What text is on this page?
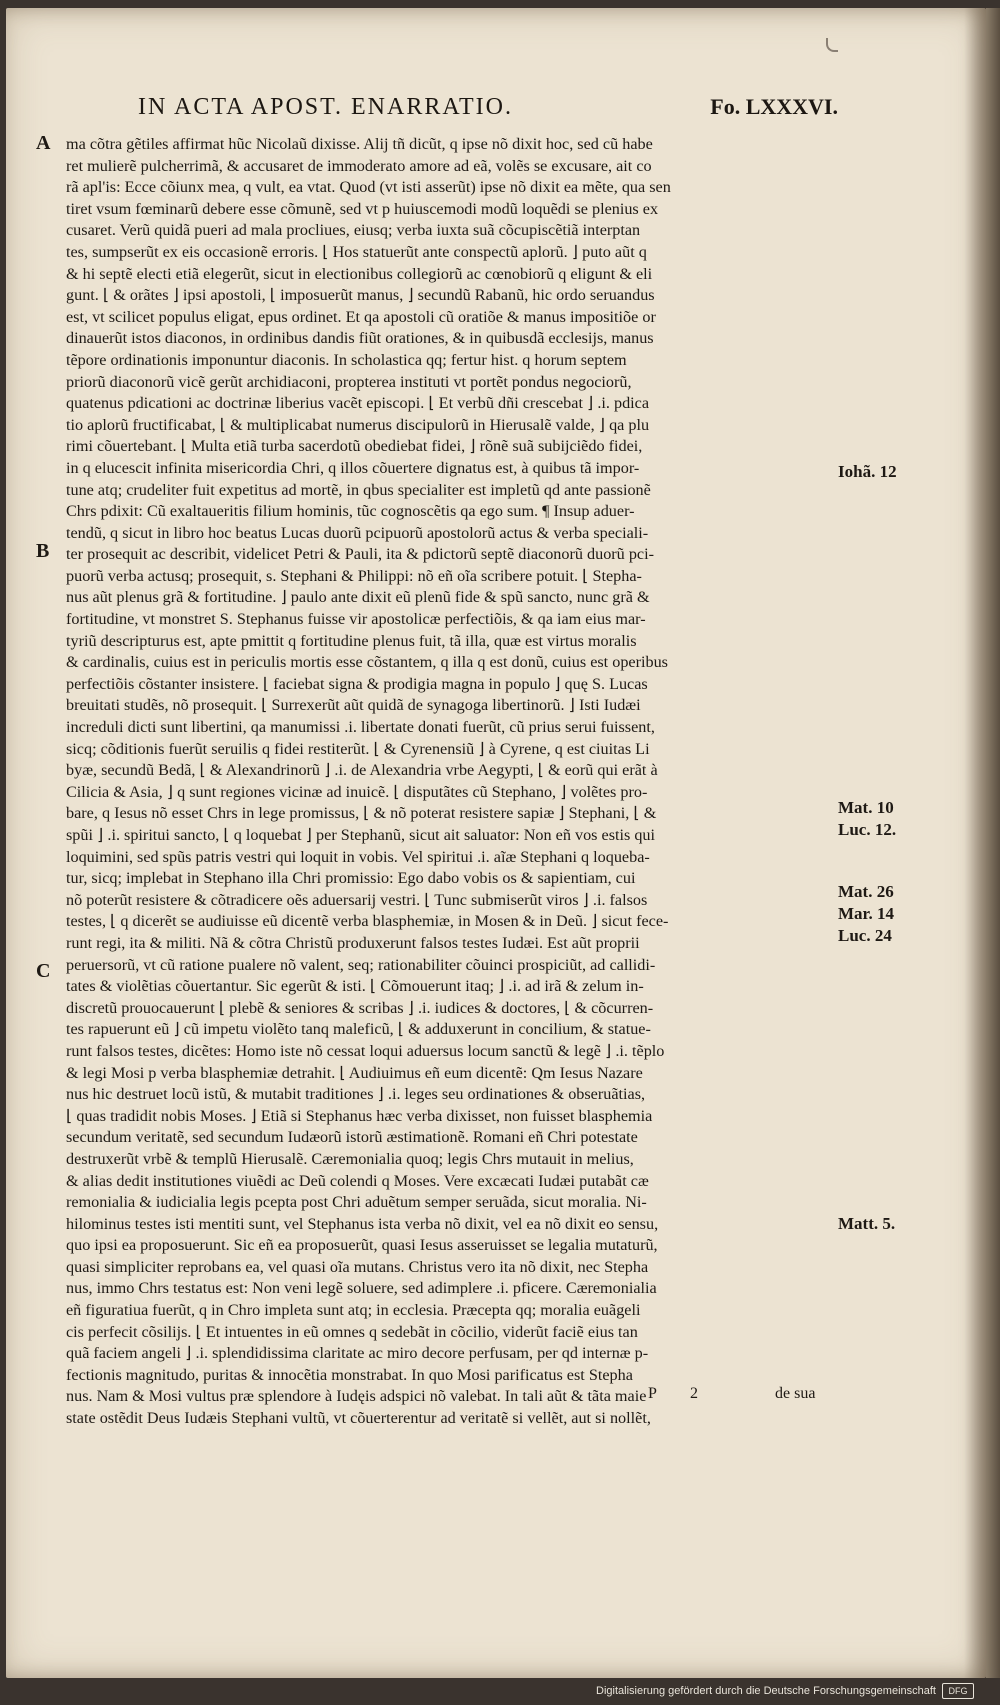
IN ACTA APOST. ENARRATIO.	Fo. LXXXVI.
A
B
C
Iohã. 12
Mat. 10
Luc. 12.
Mat. 26
Mar. 14
Luc. 24
Matt. 5.
ma cõtra gẽtiles affirmat hũc Nicolaũ dixisse. Alij tñ dicũt, q ipse nõ dixit hoc, sed cũ habe
ret mulierẽ pulcherrimã, & accusaret de immoderato amore ad eã, volẽs se excusare, ait co
rã apl'is: Ecce cõiunx mea, q vult, ea vtat. Quod (vt isti asserũt) ipse nõ dixit ea mẽte, qua sen
tiret vsum fœminarũ debere esse cõmunẽ, sed vt p huiuscemodi modũ loquẽdi se plenius ex
cusaret. Verũ quidã pueri ad mala procliues, eiusq; verba iuxta suã cõcupiscẽtiã interptan
tes, sumpserũt ex eis occasionẽ erroris. ⌊ Hos statuerũt ante conspectũ aplorũ. ⌋ puto aũt q
& hi septẽ electi etiã elegerũt, sicut in electionibus collegiorũ ac cœnobiorũ q eligunt & eli
gunt. ⌊ & orãtes ⌋ ipsi apostoli, ⌊ imposuerũt manus, ⌋ secundũ Rabanũ, hic ordo seruandus
est, vt scilicet populus eligat, epus ordinet. Et qa apostoli cũ oratiõe & manus impositiõe or
dinauerũt istos diaconos, in ordinibus dandis fiũt orationes, & in quibusdã ecclesijs, manus
tẽpore ordinationis imponuntur diaconis. In scholastica qq; fertur hist. q horum septem
priorũ diaconorũ vicẽ gerũt archidiaconi, propterea instituti vt portẽt pondus negociorũ,
quatenus pdicationi ac doctrinæ liberius vacẽt episcopi. ⌊ Et verbũ dñi crescebat ⌋ .i. pdica
tio aplorũ fructificabat, ⌊ & multiplicabat numerus discipulorũ in Hierusalẽ valde, ⌋ qa plu
rimi cõuertebant. ⌊ Multa etiã turba sacerdotũ obediebat fidei, ⌋ rõnẽ suã subijciẽdo fidei,
in q elucescit infinita misericordia Chri, q illos cõuertere dignatus est, à quibus tã impor-
tune atq; crudeliter fuit expetitus ad mortẽ, in qbus specialiter est impletũ qd ante passionẽ
Chrs pdixit: Cũ exaltaueritis filium hominis, tũc cognoscẽtis qa ego sum. ¶ Insup aduer-
tendũ, q sicut in libro hoc beatus Lucas duorũ pcipuorũ apostolorũ actus & verba speciali-
ter prosequit ac describit, videlicet Petri & Pauli, ita & pdictorũ septẽ diaconorũ duorũ pci-
puorũ verba actusq; prosequit, s. Stephani & Philippi: nõ eñ oĩa scribere potuit. ⌊ Stepha-
nus aũt plenus grã & fortitudine. ⌋ paulo ante dixit eũ plenũ fide & spũ sancto, nunc grã &
fortitudine, vt monstret S. Stephanus fuisse vir apostolicæ perfectiõis, & qa iam eius mar-
tyriũ descripturus est, apte pmittit q fortitudine plenus fuit, tã illa, quæ est virtus moralis
& cardinalis, cuius est in periculis mortis esse cõstantem, q illa q est donũ, cuius est operibus
perfectiõis cõstanter insistere. ⌊ faciebat signa & prodigia magna in populo ⌋ quę S. Lucas
breuitati studẽs, nõ prosequit. ⌊ Surrexerũt aũt quidã de synagoga libertinorũ. ⌋ Isti Iudæi
increduli dicti sunt libertini, qa manumissi .i. libertate donati fuerũt, cũ prius serui fuissent,
sicq; cõditionis fuerũt seruilis q fidei restiterũt. ⌊ & Cyrenensiũ ⌋ à Cyrene, q est ciuitas Li
byæ, secundũ Bedã, ⌊ & Alexandrinorũ ⌋ .i. de Alexandria vrbe Aegypti, ⌊ & eorũ qui erãt à
Cilicia & Asia, ⌋ q sunt regiones vicinæ ad inuicẽ. ⌊ disputãtes cũ Stephano, ⌋ volẽtes pro-
bare, q Iesus nõ esset Chrs in lege promissus, ⌊ & nõ poterat resistere sapiæ ⌋ Stephani, ⌊ &
spũi ⌋ .i. spiritui sancto, ⌊ q loquebat ⌋ per Stephanũ, sicut ait saluator: Non eñ vos estis qui
loquimini, sed spũs patris vestri qui loquit in vobis. Vel spiritui .i. aĩæ Stephani q loqueba-
tur, sicq; implebat in Stephano illa Chri promissio: Ego dabo vobis os & sapientiam, cui
nõ poterũt resistere & cõtradicere oẽs aduersarij vestri. ⌊ Tunc submiserũt viros ⌋ .i. falsos
testes, ⌊ q dicerẽt se audiuisse eũ dicentẽ verba blasphemiæ, in Mosen & in Deũ. ⌋ sicut fece-
runt regi, ita & militi. Nã & cõtra Christũ produxerunt falsos testes Iudæi. Est aũt proprii
peruersorũ, vt cũ ratione pualere nõ valent, seq; rationabiliter cõuinci prospiciũt, ad callidi-
tates & violẽtias cõuertantur. Sic egerũt & isti. ⌊ Cõmouerunt itaq; ⌋ .i. ad irã & zelum in-
discretũ prouocauerunt ⌊ plebẽ & seniores & scribas ⌋ .i. iudices & doctores, ⌊ & cõcurren-
tes rapuerunt eũ ⌋ cũ impetu violẽto tanq maleficũ, ⌊ & adduxerunt in concilium, & statue-
runt falsos testes, dicẽtes: Homo iste nõ cessat loqui aduersus locum sanctũ & legẽ ⌋ .i. tẽplo
& legi Mosi p verba blasphemiæ detrahit. ⌊ Audiuimus eñ eum dicentẽ: Qm Iesus Nazare
nus hic destruet locũ istũ, & mutabit traditiones ⌋ .i. leges seu ordinationes & obseruãtias,
⌊ quas tradidit nobis Moses. ⌋ Etiã si Stephanus hæc verba dixisset, non fuisset blasphemia
secundum veritatẽ, sed secundum Iudæorũ istorũ æstimationẽ. Romani eñ Chri potestate
destruxerũt vrbẽ & templũ Hierusalẽ. Cæremonialia quoq; legis Chrs mutauit in melius,
& alias dedit institutiones viuẽdi ac Deũ colendi q Moses. Vere excæcati Iudæi putabãt cæ
remonialia & iudicialia legis pcepta post Chri aduẽtum semper seruãda, sicut moralia. Ni-
hilominus testes isti mentiti sunt, vel Stephanus ista verba nõ dixit, vel ea nõ dixit eo sensu,
quo ipsi ea proposuerunt. Sic eñ ea proposuerũt, quasi Iesus asseruisset se legalia mutaturũ,
quasi simpliciter reprobans ea, vel quasi oĩa mutans. Christus vero ita nõ dixit, nec Stepha
nus, immo Chrs testatus est: Non veni legẽ soluere, sed adimplere .i. pficere. Cæremonialia
eñ figuratiua fuerũt, q in Chro impleta sunt atq; in ecclesia. Præcepta qq; moralia euãgeli
cis perfecit cõsilijs. ⌊ Et intuentes in eũ omnes q sedebãt in cõcilio, viderũt faciẽ eius tan
quã faciem angeli ⌋ .i. splendidissima claritate ac miro decore perfusam, per qd internæ p-
fectionis magnitudo, puritas & innocẽtia monstrabat. In quo Mosi parificatus est Stepha
nus. Nam & Mosi vultus præ splendore à Iudęis adspici nõ valebat. In tali aũt & tãta maie
state ostẽdit Deus Iudæis Stephani vultũ, vt cõuerterentur ad veritatẽ si vellẽt, aut si nollẽt,
P 2	de sua
Digitalisierung gefördert durch die Deutsche Forschungsgemeinschaft	DFG
